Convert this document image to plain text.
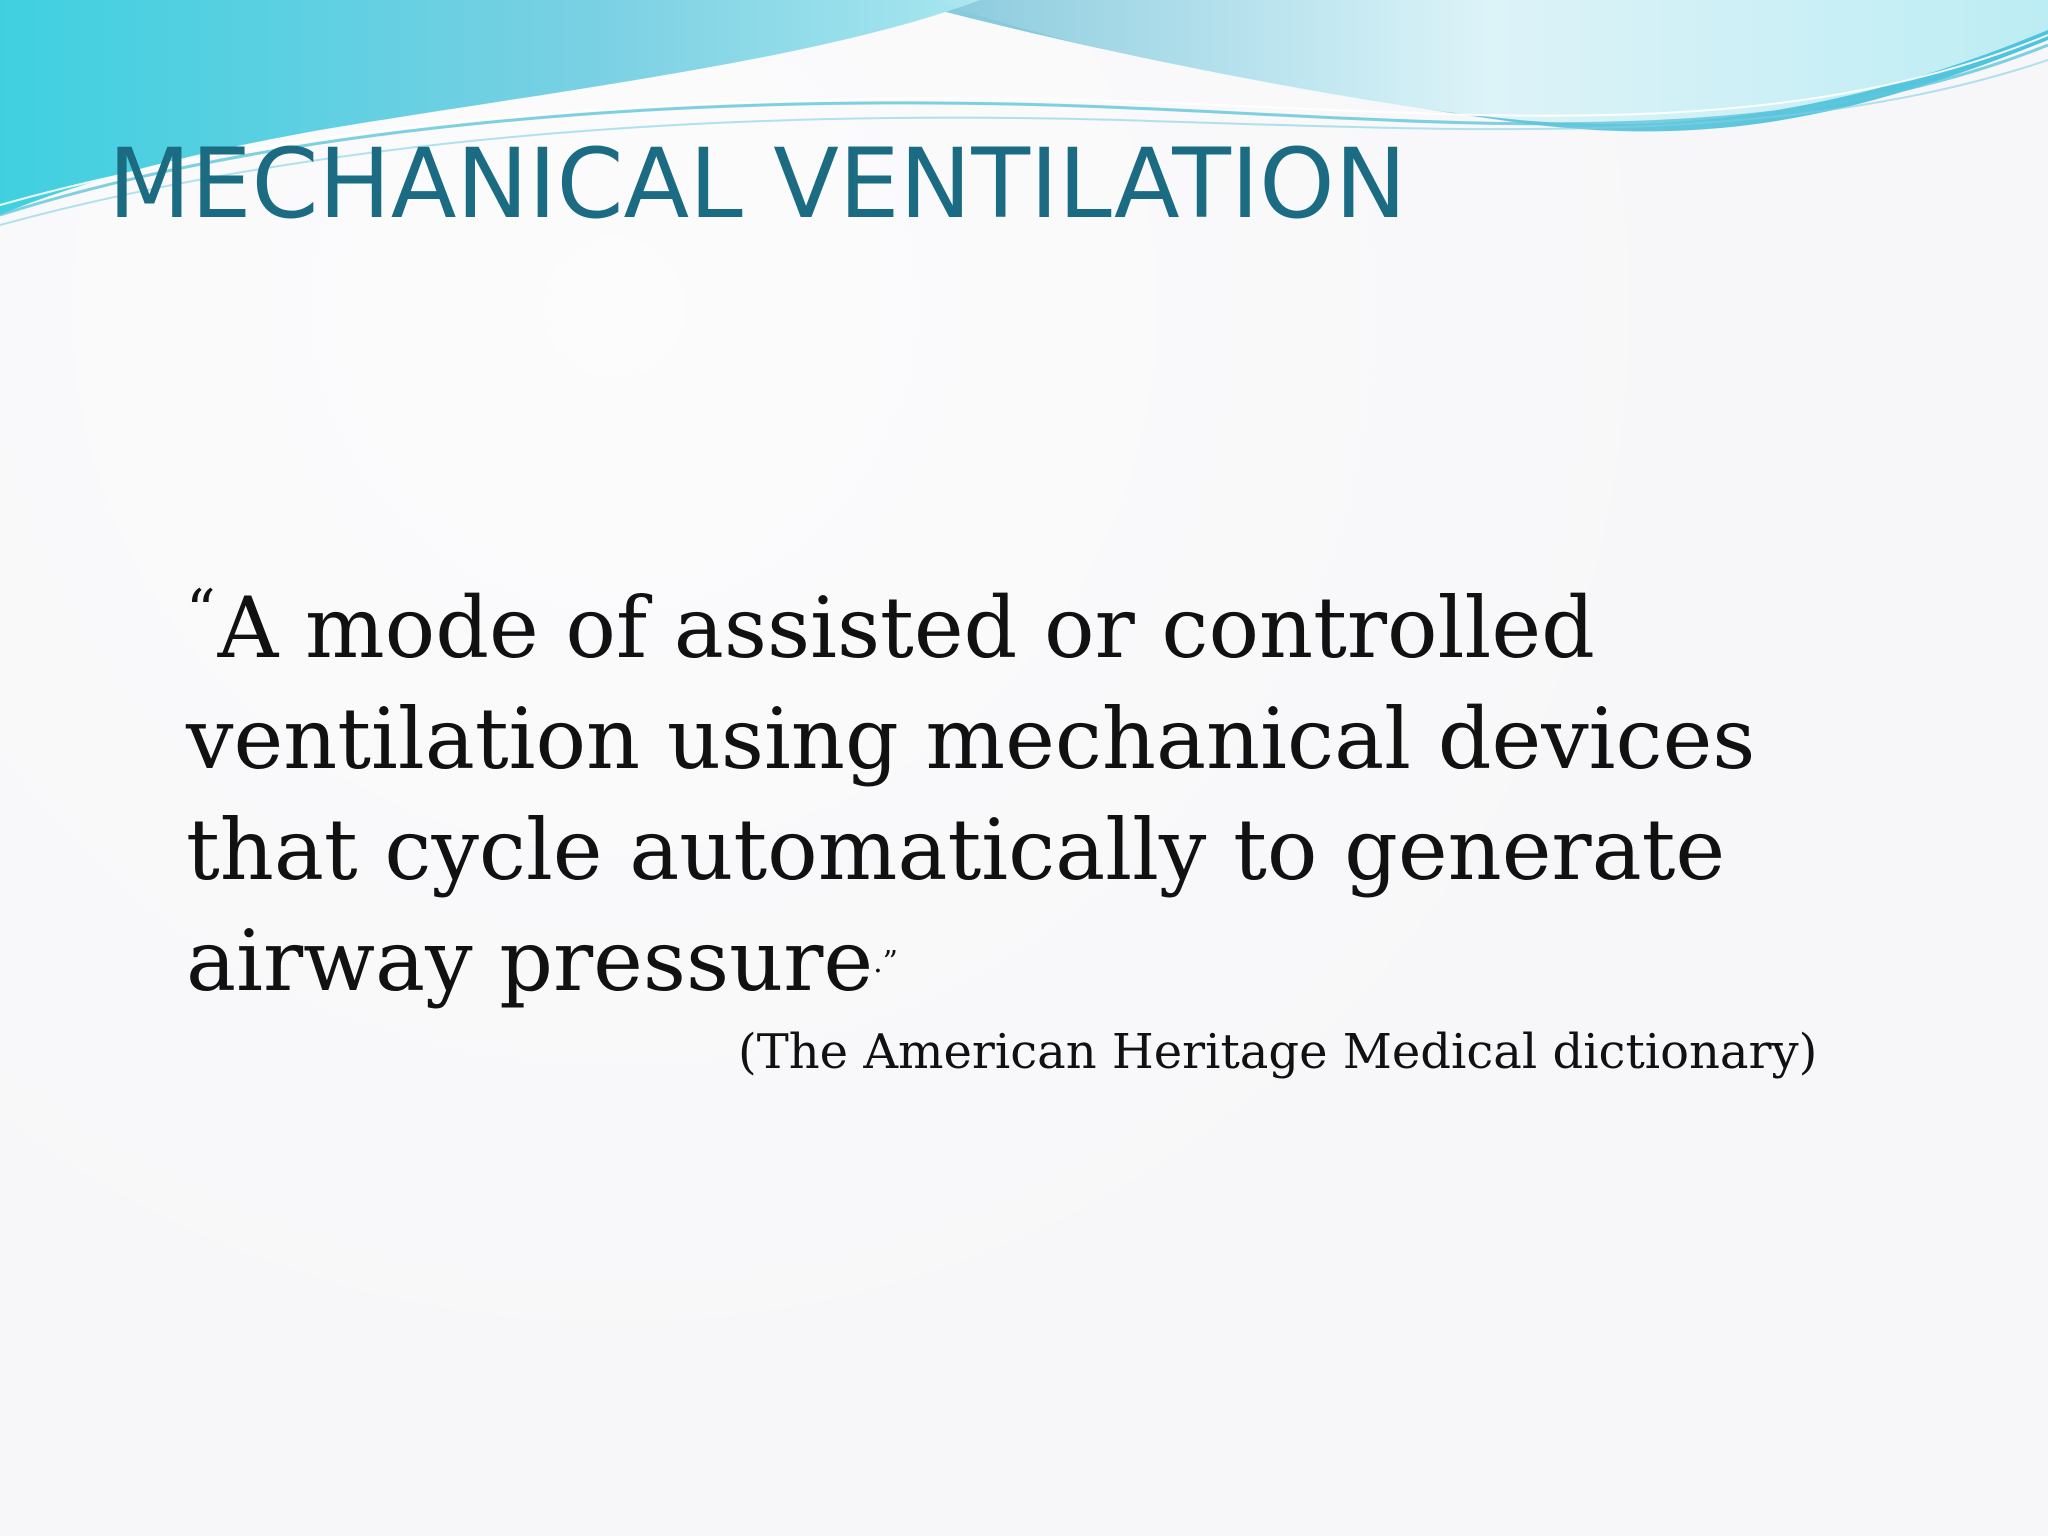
MECHANICAL VENTILATION

“A mode of assisted or controlled ventilation using mechanical devices that cycle automatically to generate airway pressure.”

(The American Heritage Medical dictionary)
